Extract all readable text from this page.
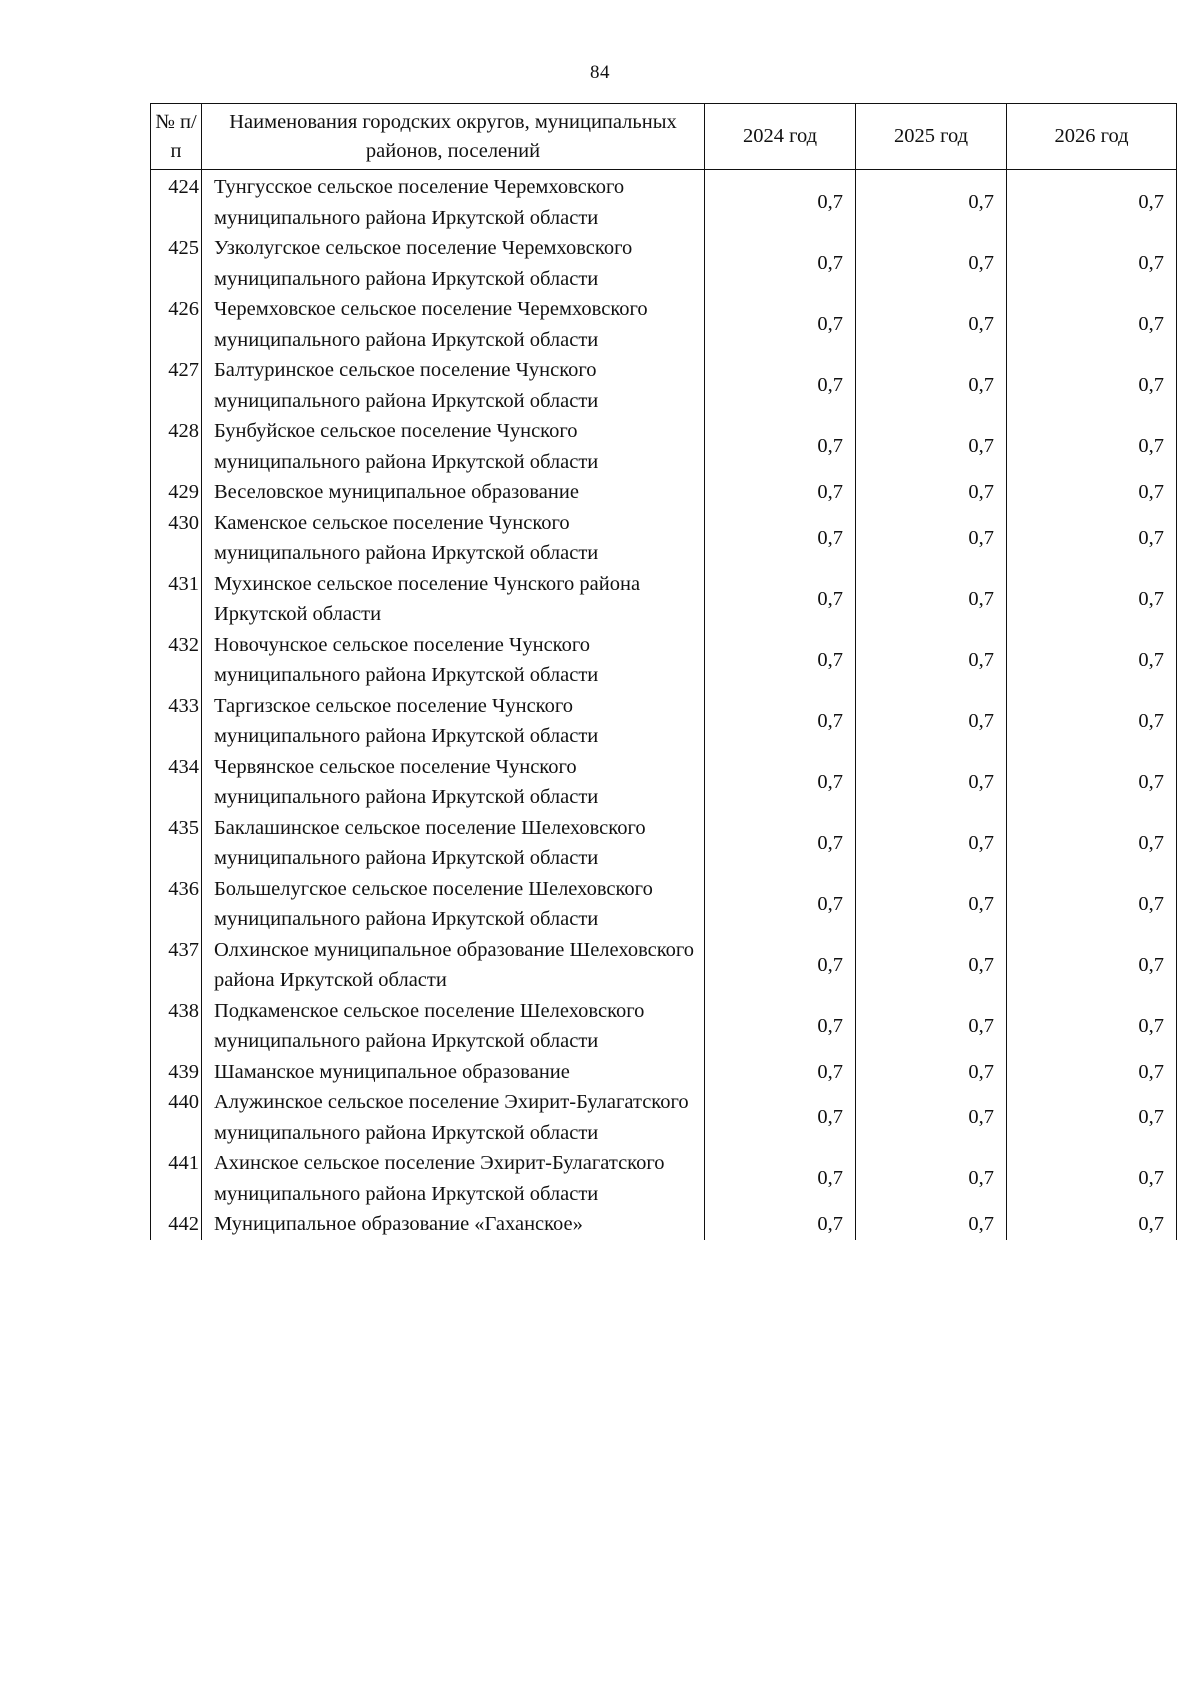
84
№ п/п	Наименования городских округов, муниципальных районов, поселений	2024 год	2025 год	2026 год
424	Тунгусское сельское поселение Черемховского муниципального района Иркутской области	0,7	0,7	0,7
425	Узколугское сельское поселение Черемховского муниципального района Иркутской области	0,7	0,7	0,7
426	Черемховское сельское поселение Черемховского муниципального района Иркутской области	0,7	0,7	0,7
427	Балтуринское сельское поселение Чунского муниципального района Иркутской области	0,7	0,7	0,7
428	Бунбуйское сельское поселение Чунского муниципального района Иркутской области	0,7	0,7	0,7
429	Веселовское муниципальное образование	0,7	0,7	0,7
430	Каменское сельское поселение Чунского муниципального района Иркутской области	0,7	0,7	0,7
431	Мухинское сельское поселение Чунского района Иркутской области	0,7	0,7	0,7
432	Новочунское сельское поселение Чунского муниципального района Иркутской области	0,7	0,7	0,7
433	Таргизское сельское поселение Чунского муниципального района Иркутской области	0,7	0,7	0,7
434	Червянское сельское поселение Чунского муниципального района Иркутской области	0,7	0,7	0,7
435	Баклашинское сельское поселение Шелеховского муниципального района Иркутской области	0,7	0,7	0,7
436	Большелугское сельское поселение Шелеховского муниципального района Иркутской области	0,7	0,7	0,7
437	Олхинское муниципальное образование Шелеховского района Иркутской области	0,7	0,7	0,7
438	Подкаменское сельское поселение Шелеховского муниципального района Иркутской области	0,7	0,7	0,7
439	Шаманское муниципальное образование	0,7	0,7	0,7
440	Алужинское сельское поселение Эхирит-Булагатского муниципального района Иркутской области	0,7	0,7	0,7
441	Ахинское сельское поселение Эхирит-Булагатского муниципального района Иркутской области	0,7	0,7	0,7
442	Муниципальное образование «Гаханское»	0,7	0,7	0,7
